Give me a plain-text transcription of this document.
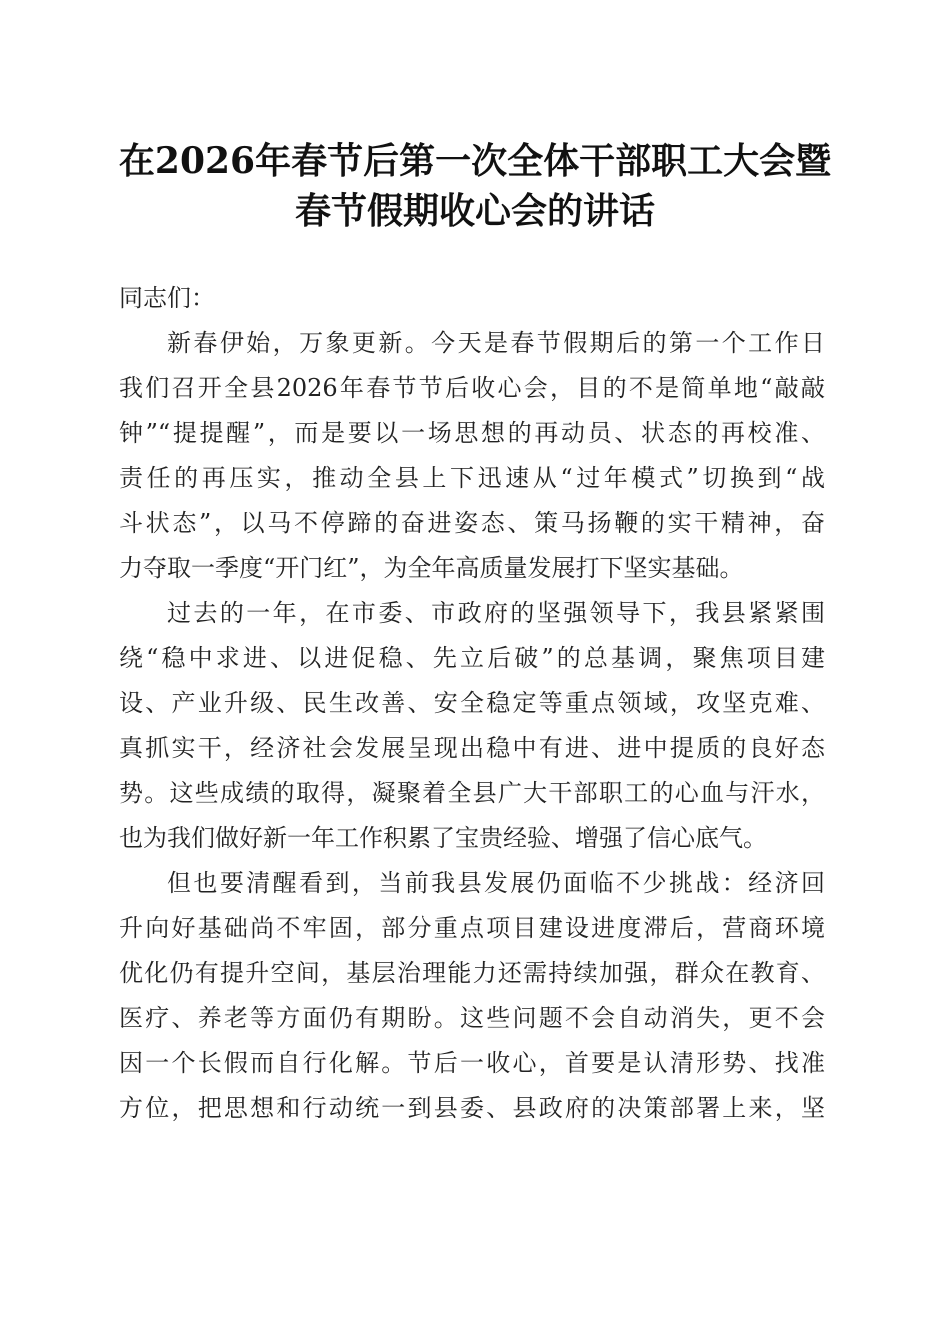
在2026年春节后第一次全体干部职工大会暨
春节假期收心会的讲话
同志们：
新春伊始，万象更新。今天是春节假期后的第一个工作日
我们召开全县2026年春节节后收心会，目的不是简单地“敲敲
钟”“提提醒”，而是要以一场思想的再动员、状态的再校准、
责任的再压实，推动全县上下迅速从“过年模式”切换到“战
斗状态”，以马不停蹄的奋进姿态、策马扬鞭的实干精神，奋
力夺取一季度“开门红”，为全年高质量发展打下坚实基础。
过去的一年，在市委、市政府的坚强领导下，我县紧紧围
绕“稳中求进、以进促稳、先立后破”的总基调，聚焦项目建
设、产业升级、民生改善、安全稳定等重点领域，攻坚克难、
真抓实干，经济社会发展呈现出稳中有进、进中提质的良好态
势。这些成绩的取得，凝聚着全县广大干部职工的心血与汗水，
也为我们做好新一年工作积累了宝贵经验、增强了信心底气。
但也要清醒看到，当前我县发展仍面临不少挑战：经济回
升向好基础尚不牢固，部分重点项目建设进度滞后，营商环境
优化仍有提升空间，基层治理能力还需持续加强，群众在教育、
医疗、养老等方面仍有期盼。这些问题不会自动消失，更不会
因一个长假而自行化解。节后一收心，首要是认清形势、找准
方位，把思想和行动统一到县委、县政府的决策部署上来，坚
